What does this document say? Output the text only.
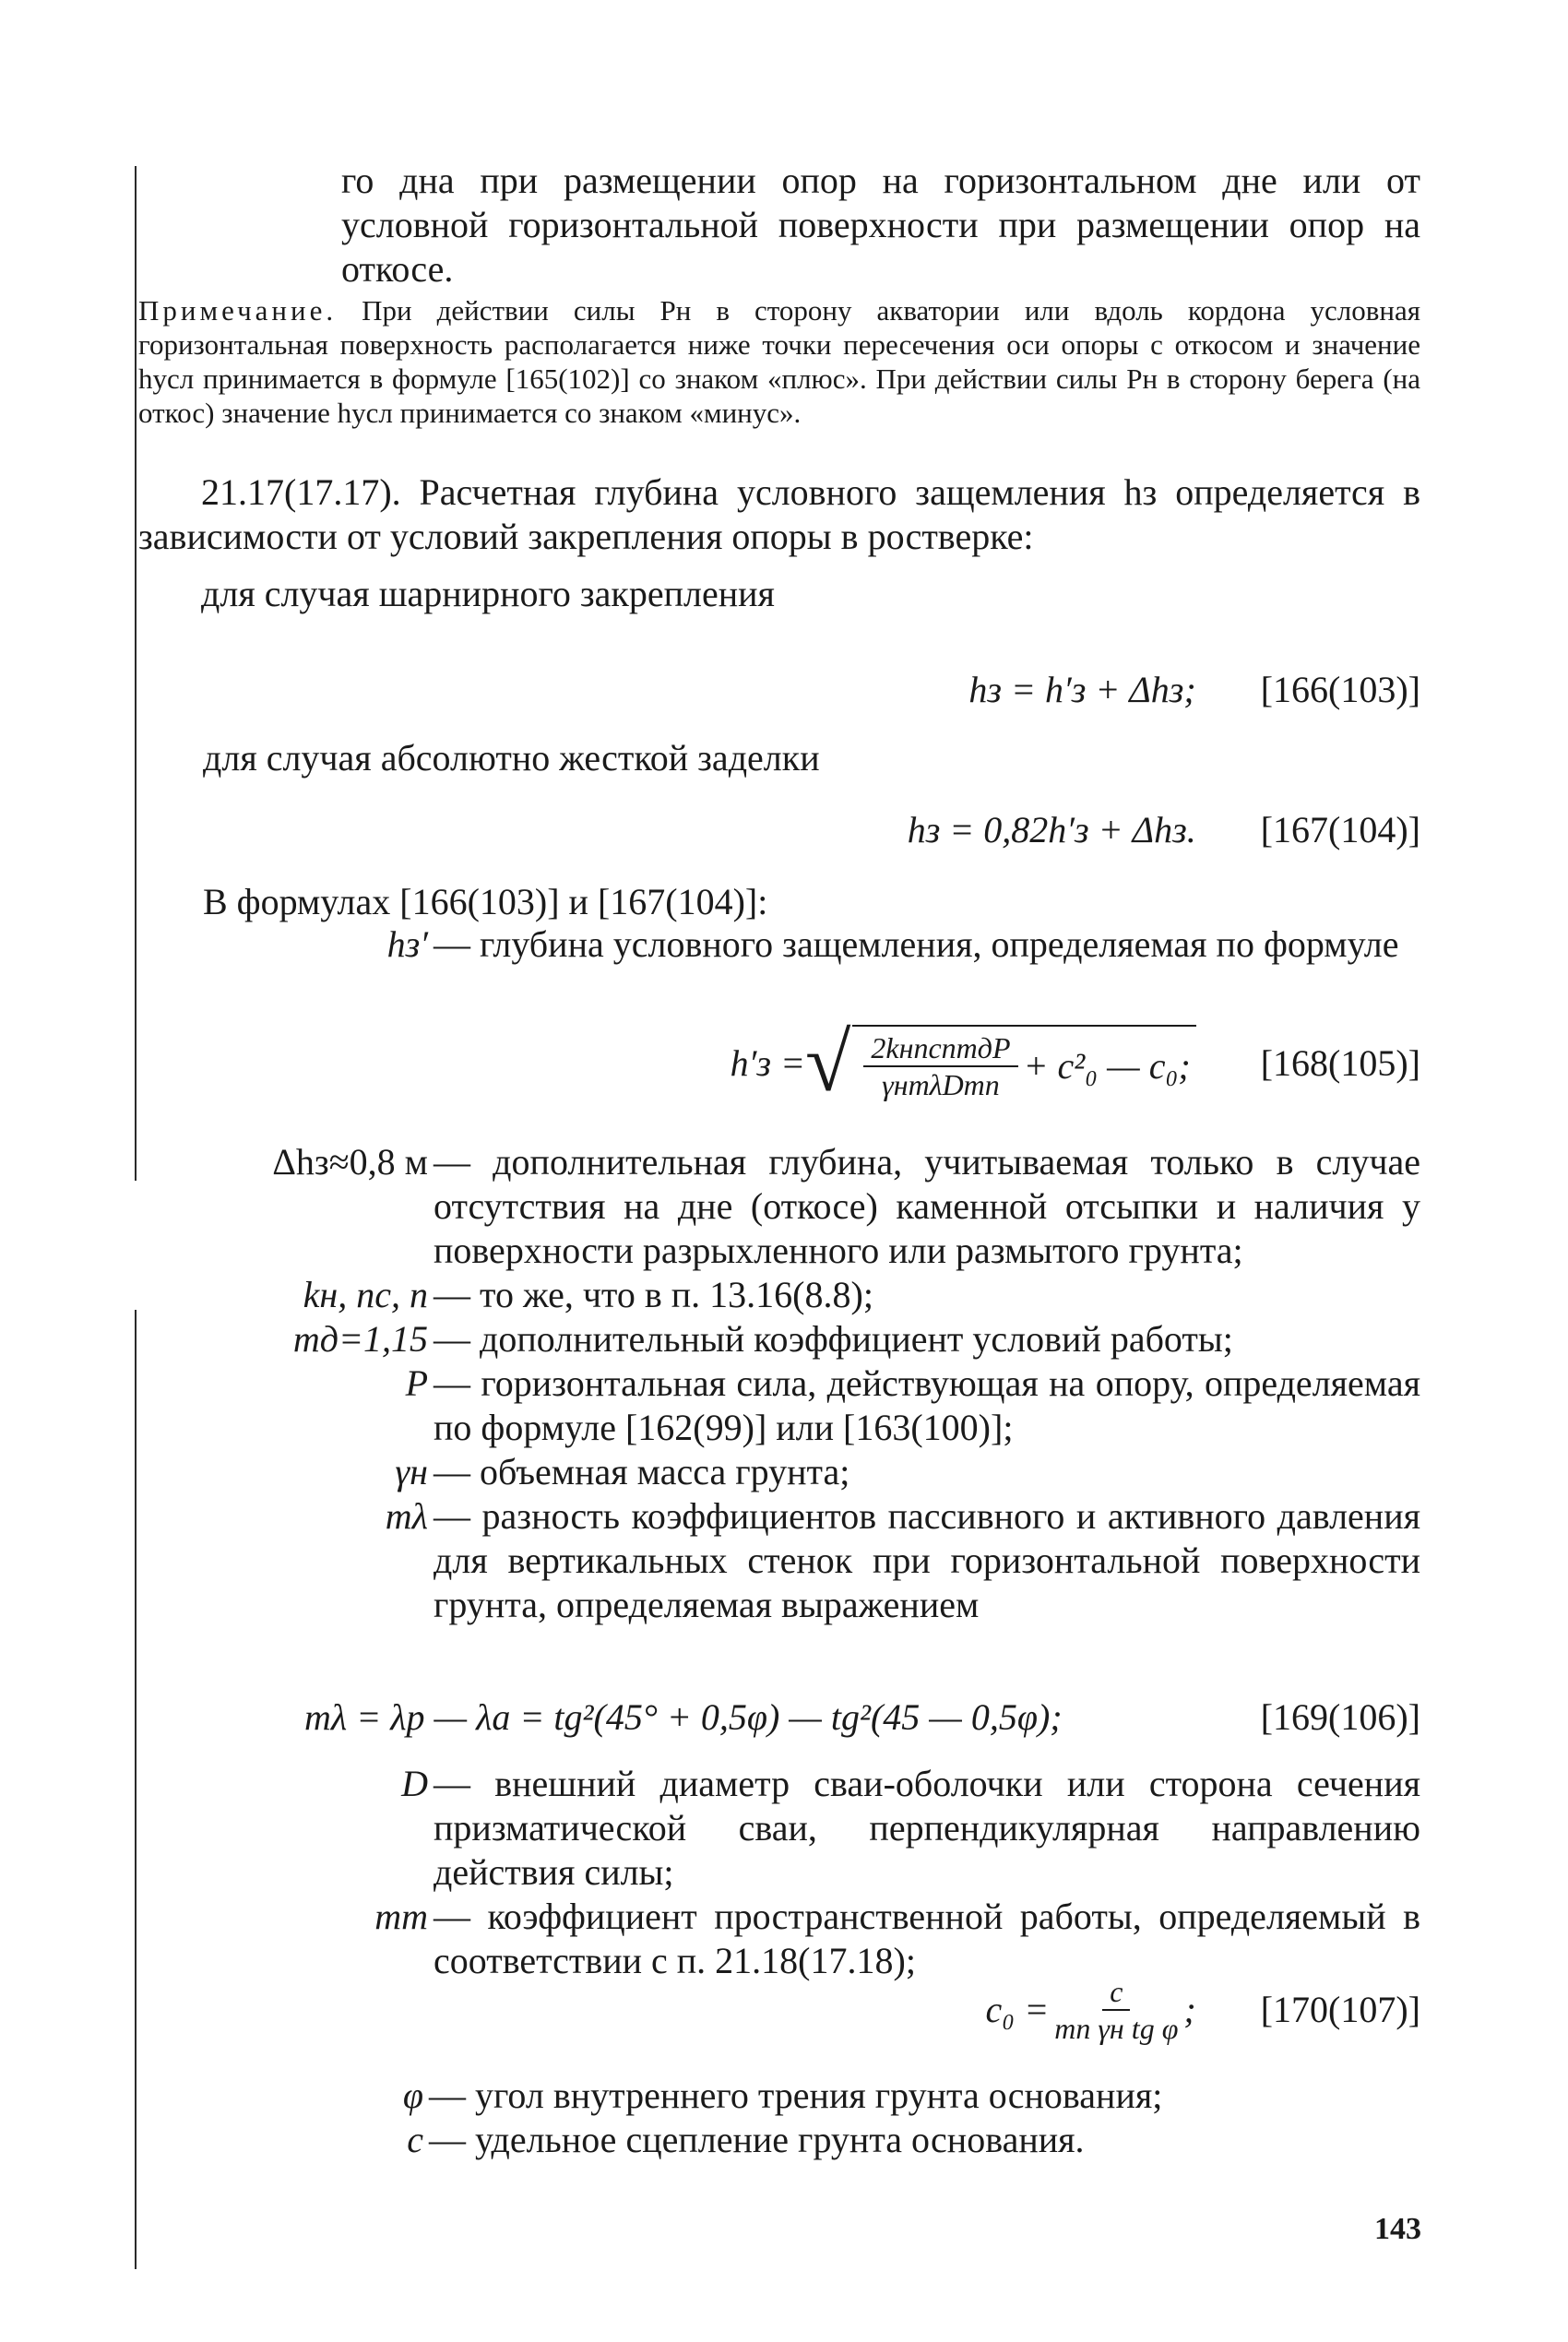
го дна при размещении опор на горизонтальном дне или от условной горизонтальной поверхности при размещении опор на откосе.

Примечание. При действии силы Pн в сторону акватории или вдоль кордона условная горизонтальная поверхность располагается ниже точки пересечения оси опоры с откосом и значение hусл принимается в формуле [165(102)] со знаком «плюс». При действии силы Pн в сторону берега (на откос) значение hусл принимается со знаком «минус».

21.17(17.17). Расчетная глубина условного защемления hз определяется в зависимости от условий закрепления опоры в ростверке:

для случая шарнирного закрепления

hз = h′з + Δhз; [166(103)]

для случая абсолютно жесткой заделки

hз = 0,82h′з + Δhз. [167(104)]

В формулах [166(103)] и [167(104)]:

hз′ — глубина условного защемления, определяемая по формуле
h′з = √ $\frac{\text{2kнncnmдP}}{\text{γнmλDmп}} + c^2_0$ — c₀; [168(105)]
Δhз≈0,8 м — дополнительная глубина, учитываемая только в случае отсутствия на дне (откосе) каменной отсыпки и наличия у поверхности разрыхленного или размытого грунта;
kн, nс, n — то же, что в п. 13.16(8.8);
mд=1,15 — дополнительный коэффициент условий работы;
P — горизонтальная сила, действующая на опору, определяемая по формуле [162(99)] или [163(100)];
γн — объемная масса грунта;
mλ — разность коэффициентов пассивного и активного давления для вертикальных стенок при горизонтальной поверхности грунта, определяемая выражением
mλ = λp — λa = tg²(45° + 0,5φ) — tg²(45 — 0,5φ);	[169(106)]
D — внешний диаметр сваи-оболочки или сторона сечения призматической сваи, перпендикулярная направлению действия силы;
mт — коэффициент пространственной работы, определяемый в соответствии с п. 21.18(17.18);
$c_0 = \frac{c}{\text{mп γн tg φ}}$ ; [170(107)]
φ — угол внутреннего трения грунта основания;
c — удельное сцепление грунта основания.
143
